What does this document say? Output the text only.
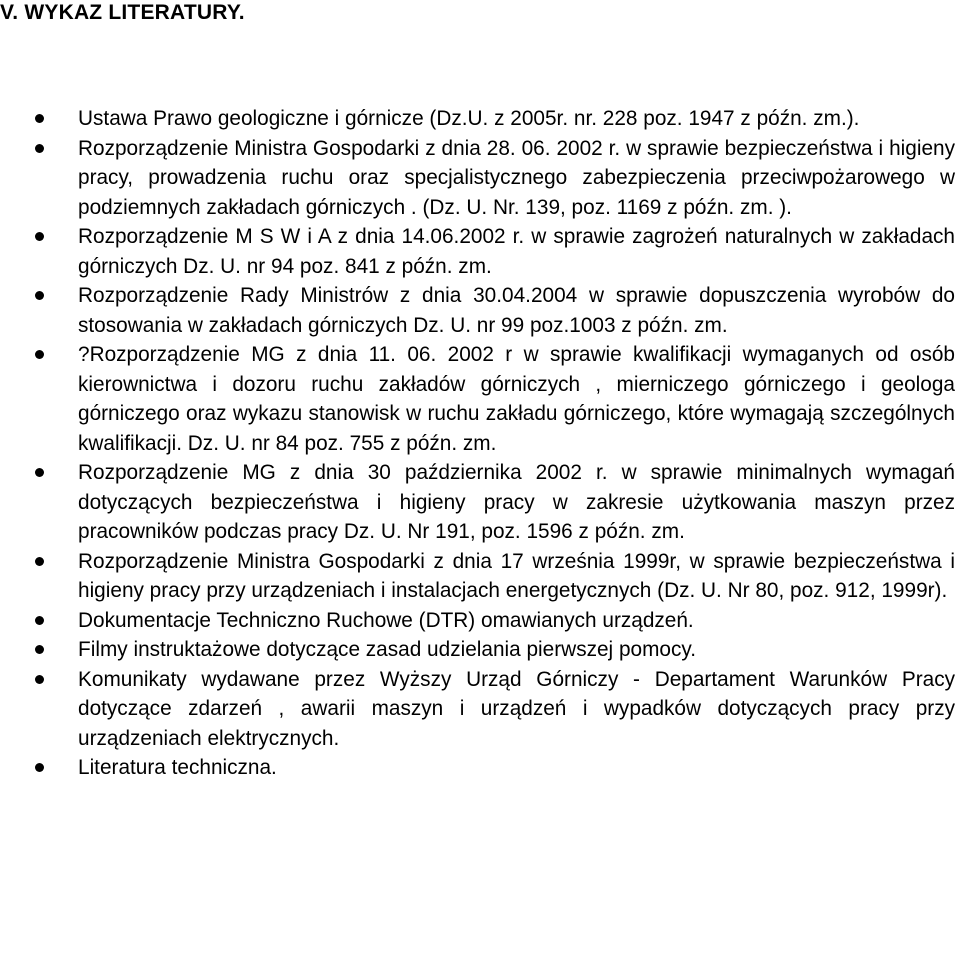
V. WYKAZ LITERATURY.
Ustawa Prawo geologiczne i górnicze (Dz.U. z 2005r. nr. 228 poz. 1947 z późn. zm.).
Rozporządzenie Ministra Gospodarki z dnia 28. 06. 2002 r. w sprawie bezpieczeństwa i higieny pracy, prowadzenia ruchu oraz specjalistycznego zabezpieczenia przeciwpożarowego w podziemnych zakładach górniczych . (Dz. U. Nr. 139, poz. 1169 z późn. zm. ).
Rozporządzenie M S W i A z dnia 14.06.2002 r. w sprawie zagrożeń naturalnych w zakładach górniczych Dz. U. nr 94 poz. 841 z późn. zm.
Rozporządzenie Rady Ministrów z dnia 30.04.2004 w sprawie dopuszczenia wyrobów do stosowania w zakładach górniczych Dz. U. nr 99 poz.1003 z późn. zm.
?Rozporządzenie MG z dnia 11. 06. 2002 r w sprawie kwalifikacji wymaganych od osób kierownictwa i dozoru ruchu zakładów górniczych , mierniczego górniczego i geologa górniczego oraz wykazu stanowisk w ruchu zakładu górniczego, które wymagają szczególnych kwalifikacji. Dz. U. nr 84 poz. 755 z późn. zm.
Rozporządzenie MG z dnia 30 października 2002 r. w sprawie minimalnych wymagań dotyczących bezpieczeństwa i higieny pracy w zakresie użytkowania maszyn przez pracowników podczas pracy Dz. U. Nr 191, poz. 1596 z późn. zm.
Rozporządzenie Ministra Gospodarki z dnia 17 września 1999r, w sprawie bezpieczeństwa i higieny pracy przy urządzeniach i instalacjach energetycznych (Dz. U. Nr 80, poz. 912, 1999r).
Dokumentacje Techniczno Ruchowe (DTR) omawianych urządzeń.
Filmy instruktażowe dotyczące zasad udzielania pierwszej pomocy.
Komunikaty wydawane przez Wyższy Urząd Górniczy - Departament Warunków Pracy dotyczące zdarzeń , awarii maszyn i urządzeń i wypadków dotyczących pracy przy urządzeniach elektrycznych.
Literatura techniczna.
